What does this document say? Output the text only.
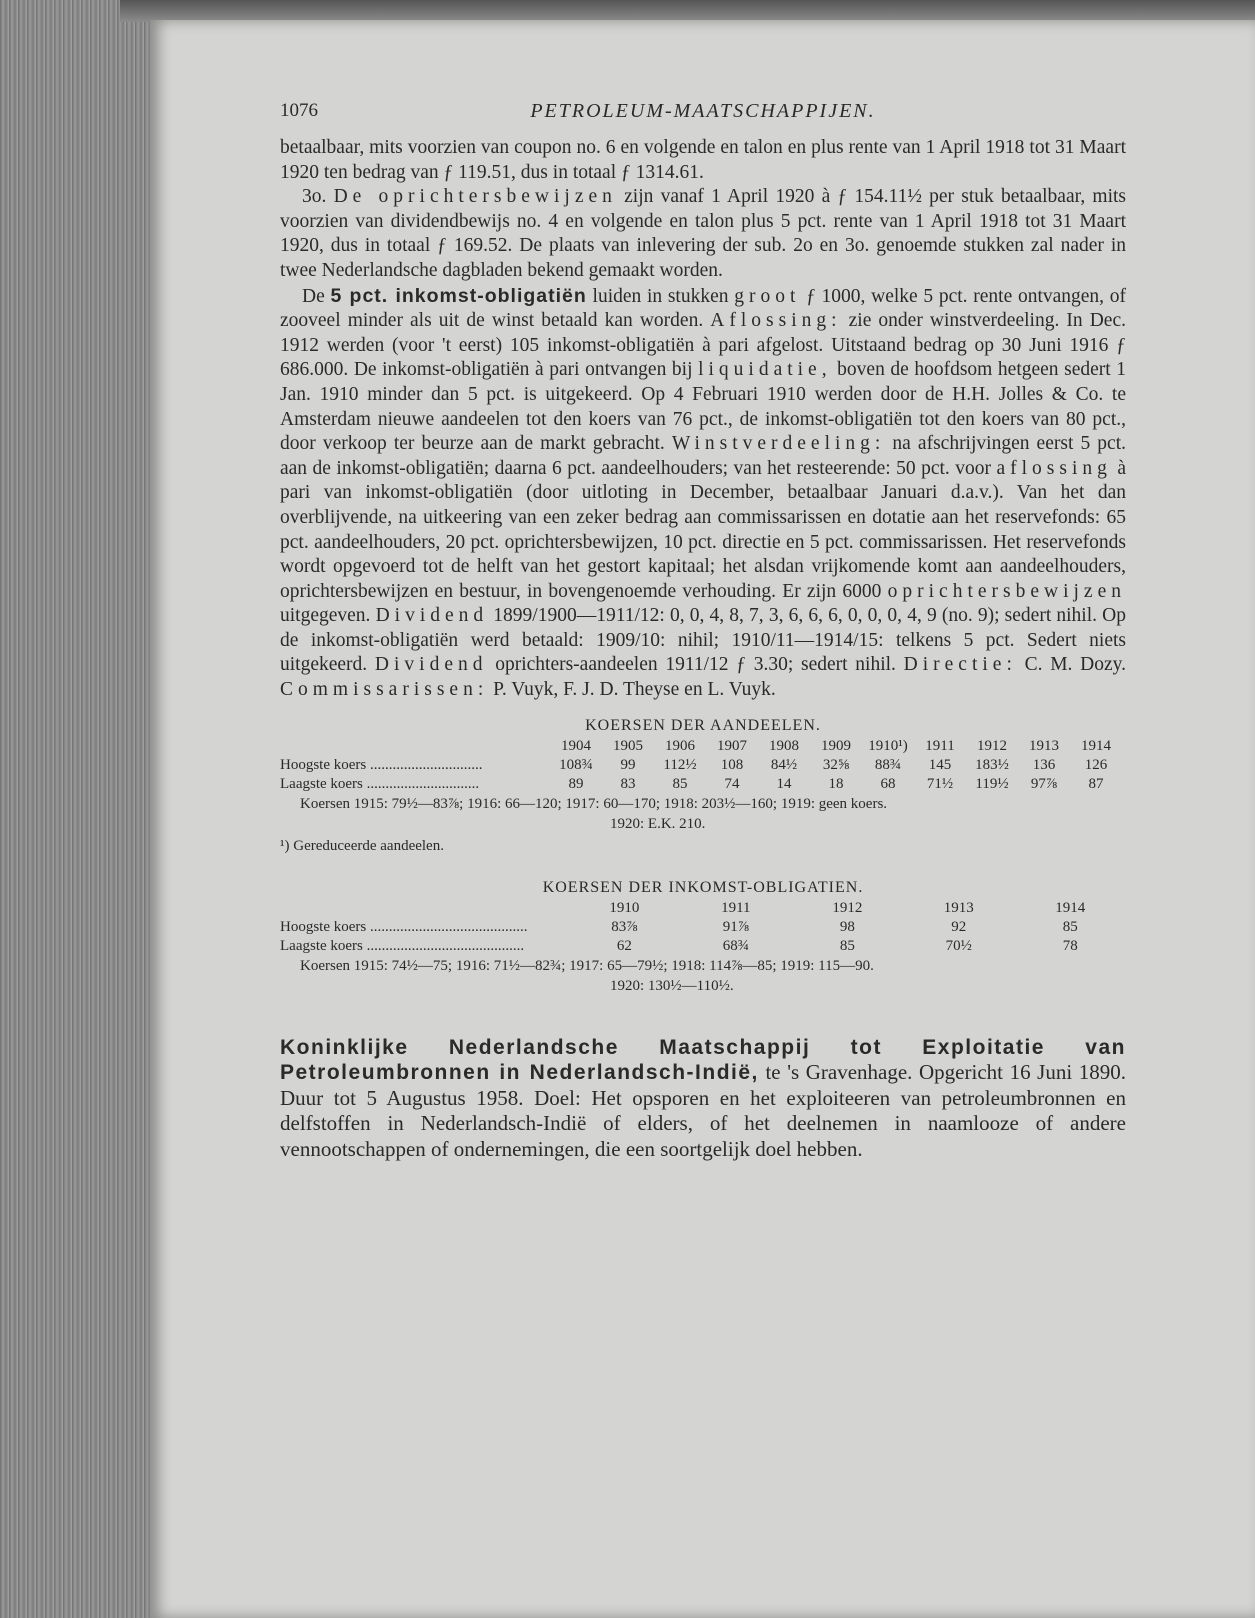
1076	PETROLEUM-MAATSCHAPPIJEN.

betaalbaar, mits voorzien van coupon no. 6 en volgende en talon en plus rente van 1 April 1918 tot 31 Maart 1920 ten bedrag van ƒ 119.51, dus in totaal ƒ 1314.61.

3o. De oprichtersbewijzen zijn vanaf 1 April 1920 à ƒ 154.11½ per stuk betaalbaar, mits voorzien van dividendbewijs no. 4 en volgende en talon plus 5 pct. rente van 1 April 1918 tot 31 Maart 1920, dus in totaal ƒ 169.52. De plaats van inlevering der sub. 2o en 3o. genoemde stukken zal nader in twee Nederlandsche dagbladen bekend gemaakt worden.

De 5 pct. inkomst-obligatiën luiden in stukken groot ƒ 1000, welke 5 pct. rente ontvangen, of zooveel minder als uit de winst betaald kan worden. Aflossing: zie onder winstverdeeling. In Dec. 1912 werden (voor 't eerst) 105 inkomst-obligatiën à pari afgelost. Uitstaand bedrag op 30 Juni 1916 ƒ 686.000. De inkomst-obligatiën à pari ontvangen bij liquidatie, boven de hoofdsom hetgeen sedert 1 Jan. 1910 minder dan 5 pct. is uitgekeerd. Op 4 Februari 1910 werden door de H.H. Jolles & Co. te Amsterdam nieuwe aandeelen tot den koers van 76 pct., de inkomst-obligatiën tot den koers van 80 pct., door verkoop ter beurze aan de markt gebracht. Winstverdeeling: na afschrijvingen eerst 5 pct. aan de inkomst-obligatiën; daarna 6 pct. aandeelhouders; van het resteerende: 50 pct. voor aflossing à pari van inkomst-obligatiën (door uitloting in December, betaalbaar Januari d.a.v.). Van het dan overblijvende, na uitkeering van een zeker bedrag aan commissarissen en dotatie aan het reservefonds: 65 pct. aandeelhouders, 20 pct. oprichtersbewijzen, 10 pct. directie en 5 pct. commissarissen. Het reservefonds wordt opgevoerd tot de helft van het gestort kapitaal; het alsdan vrijkomende komt aan aandeelhouders, oprichtersbewijzen en bestuur, in bovengenoemde verhouding. Er zijn 6000 oprichtersbewijzen uitgegeven. Dividend 1899/1900—1911/12: 0, 0, 4, 8, 7, 3, 6, 6, 6, 0, 0, 0, 4, 9 (no. 9); sedert nihil. Op de inkomst-obligatiën werd betaald: 1909/10: nihil; 1910/11—1914/15: telkens 5 pct. Sedert niets uitgekeerd. Dividend oprichters-aandeelen 1911/12 ƒ 3.30; sedert nihil. Directie: C. M. Dozy. Commissarissen: P. Vuyk, F. J. D. Theyse en L. Vuyk.

KOERSEN DER AANDEELEN.
1904	1905	1906	1907	1908	1909	1910¹)	1911	1912	1913	1914
Hoogste koers ..............................	108¾	99	112½	108	84½	32⅝	88¾	145	183½	136	126
Laagste koers ..............................	89	83	85	74	14	18	68	71½	119½	97⅞	87
Koersen 1915: 79½—83⅞; 1916: 66—120; 1917: 60—170; 1918: 203½—160; 1919: geen koers.
1920: E.K. 210.
¹) Gereduceerde aandeelen.
KOERSEN DER INKOMST-OBLIGATIEN.
1910	1911	1912	1913	1914
Hoogste koers ..........................................	83⅞	91⅞	98	92	85
Laagste koers ..........................................	62	68¾	85	70½	78
Koersen 1915: 74½—75; 1916: 71½—82¾; 1917: 65—79½; 1918: 114⅞—85; 1919: 115—90.
1920: 130½—110½.

Koninklijke Nederlandsche Maatschappij tot Exploitatie van Petroleumbronnen in Nederlandsch-Indië, te 's Gravenhage. Opgericht 16 Juni 1890. Duur tot 5 Augustus 1958. Doel: Het opsporen en het exploiteeren van petroleumbronnen en delfstoffen in Nederlandsch-Indië of elders, of het deelnemen in naamlooze of andere vennootschappen of ondernemingen, die een soortgelijk doel hebben.
